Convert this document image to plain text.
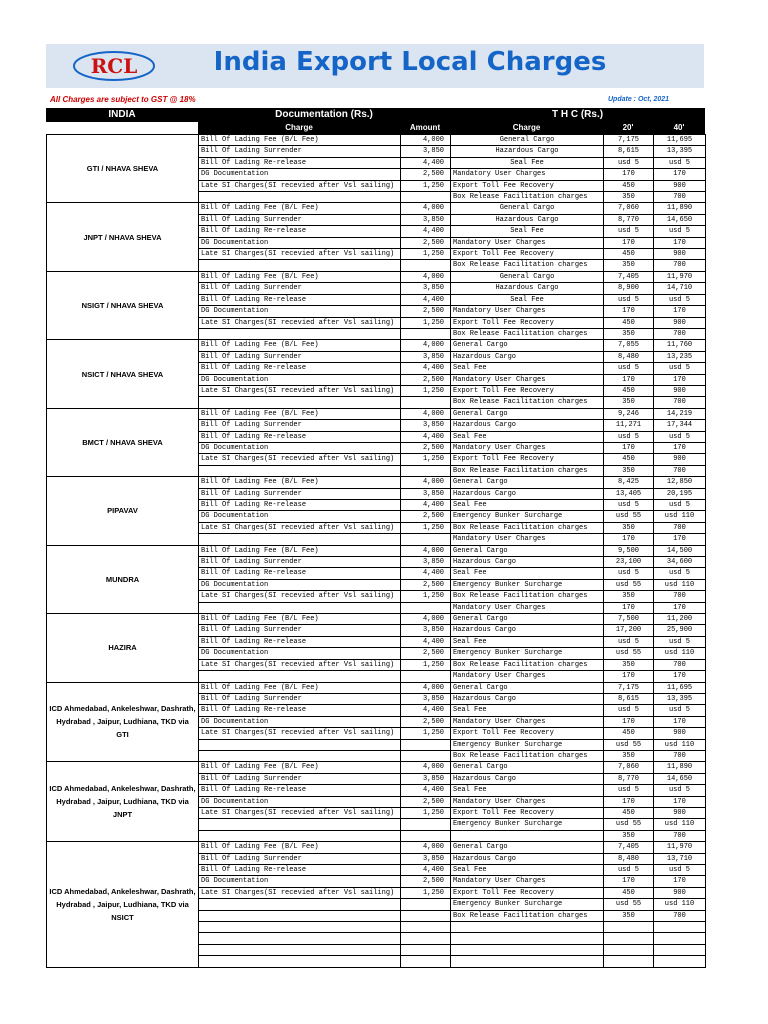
RCL	India Export Local Charges
All Charges are subject to GST @ 18%	Update : Oct, 2021
INDIA	Documentation (Rs.)	T H C (Rs.)
Charge	Amount	Charge	20'	40'
GTI / NHAVA SHEVA	Bill Of Lading Fee (B/L Fee)	4,000	General Cargo	7,175	11,695
	Bill Of Lading Surrender	3,850	Hazardous Cargo	8,615	13,395
	Bill Of Lading Re-release	4,400	Seal Fee	usd 5	usd 5
	DG Documentation	2,500	Mandatory User Charges	170	170
	Late SI Charges(SI recevied after Vsl sailing)	1,250	Export Toll Fee Recovery	450	900
			Box Release Facilitation charges	350	700
JNPT / NHAVA SHEVA	Bill Of Lading Fee (B/L Fee)	4,000	General Cargo	7,060	11,890
	Bill Of Lading Surrender	3,850	Hazardous Cargo	8,770	14,650
	Bill Of Lading Re-release	4,400	Seal Fee	usd 5	usd 5
	DG Documentation	2,500	Mandatory User Charges	170	170
	Late SI Charges(SI recevied after Vsl sailing)	1,250	Export Toll Fee Recovery	450	900
			Box Release Facilitation charges	350	700
NSIGT / NHAVA SHEVA	Bill Of Lading Fee (B/L Fee)	4,000	General Cargo	7,405	11,970
	Bill Of Lading Surrender	3,850	Hazardous Cargo	8,900	14,710
	Bill Of Lading Re-release	4,400	Seal Fee	usd 5	usd 5
	DG Documentation	2,500	Mandatory User Charges	170	170
	Late SI Charges(SI recevied after Vsl sailing)	1,250	Export Toll Fee Recovery	450	900
			Box Release Facilitation charges	350	700
NSICT / NHAVA SHEVA	Bill Of Lading Fee (B/L Fee)	4,000	General Cargo	7,055	11,760
	Bill Of Lading Surrender	3,850	Hazardous Cargo	8,480	13,235
	Bill Of Lading Re-release	4,400	Seal Fee	usd 5	usd 5
	DG Documentation	2,500	Mandatory User Charges	170	170
	Late SI Charges(SI recevied after Vsl sailing)	1,250	Export Toll Fee Recovery	450	900
			Box Release Facilitation charges	350	700
BMCT / NHAVA SHEVA	Bill Of Lading Fee (B/L Fee)	4,000	General Cargo	9,246	14,219
	Bill Of Lading Surrender	3,850	Hazardous Cargo	11,271	17,344
	Bill Of Lading Re-release	4,400	Seal Fee	usd 5	usd 5
	DG Documentation	2,500	Mandatory User Charges	170	170
	Late SI Charges(SI recevied after Vsl sailing)	1,250	Export Toll Fee Recovery	450	900
			Box Release Facilitation charges	350	700
PIPAVAV	Bill Of Lading Fee (B/L Fee)	4,000	General Cargo	8,425	12,850
	Bill Of Lading Surrender	3,850	Hazardous Cargo	13,405	20,195
	Bill Of Lading Re-release	4,400	Seal Fee	usd 5	usd 5
	DG Documentation	2,500	Emergency Bunker Surcharge	usd 55	usd 110
	Late SI Charges(SI recevied after Vsl sailing)	1,250	Box Release Facilitation charges	350	700
			Mandatory User Charges	170	170
MUNDRA	Bill Of Lading Fee (B/L Fee)	4,000	General Cargo	9,500	14,500
	Bill Of Lading Surrender	3,850	Hazardous Cargo	23,100	34,600
	Bill Of Lading Re-release	4,400	Seal Fee	usd 5	usd 5
	DG Documentation	2,500	Emergency Bunker Surcharge	usd 55	usd 110
	Late SI Charges(SI recevied after Vsl sailing)	1,250	Box Release Facilitation charges	350	700
			Mandatory User Charges	170	170
HAZIRA	Bill Of Lading Fee (B/L Fee)	4,000	General Cargo	7,500	11,200
	Bill Of Lading Surrender	3,850	Hazardous Cargo	17,200	25,900
	Bill Of Lading Re-release	4,400	Seal Fee	usd 5	usd 5
	DG Documentation	2,500	Emergency Bunker Surcharge	usd 55	usd 110
	Late SI Charges(SI recevied after Vsl sailing)	1,250	Box Release Facilitation charges	350	700
			Mandatory User Charges	170	170
ICD Ahmedabad, Ankeleshwar, Dashrath, Hydrabad , Jaipur, Ludhiana, TKD via GTI	Bill Of Lading Fee (B/L Fee)	4,000	General Cargo	7,175	11,695
	Bill Of Lading Surrender	3,850	Hazardous Cargo	8,615	13,395
	Bill Of Lading Re-release	4,400	Seal Fee	usd 5	usd 5
	DG Documentation	2,500	Mandatory User Charges	170	170
	Late SI Charges(SI recevied after Vsl sailing)	1,250	Export Toll Fee Recovery	450	900
			Emergency Bunker Surcharge	usd 55	usd 110
			Box Release Facilitation charges	350	700
ICD Ahmedabad, Ankeleshwar, Dashrath, Hydrabad , Jaipur, Ludhiana, TKD via JNPT	Bill Of Lading Fee (B/L Fee)	4,000	General Cargo	7,060	11,890
	Bill Of Lading Surrender	3,850	Hazardous Cargo	8,770	14,650
	Bill Of Lading Re-release	4,400	Seal Fee	usd 5	usd 5
	DG Documentation	2,500	Mandatory User Charges	170	170
	Late SI Charges(SI recevied after Vsl sailing)	1,250	Export Toll Fee Recovery	450	900
			Emergency Bunker Surcharge	usd 55	usd 110
				350	700
ICD Ahmedabad, Ankeleshwar, Dashrath, Hydrabad , Jaipur, Ludhiana, TKD via NSICT	Bill Of Lading Fee (B/L Fee)	4,000	General Cargo	7,405	11,970
	Bill Of Lading Surrender	3,850	Hazardous Cargo	8,480	13,710
	Bill Of Lading Re-release	4,400	Seal Fee	usd 5	usd 5
	DG Documentation	2,500	Mandatory User Charges	170	170
	Late SI Charges(SI recevied after Vsl sailing)	1,250	Export Toll Fee Recovery	450	900
			Emergency Bunker Surcharge	usd 55	usd 110
			Box Release Facilitation charges	350	700
